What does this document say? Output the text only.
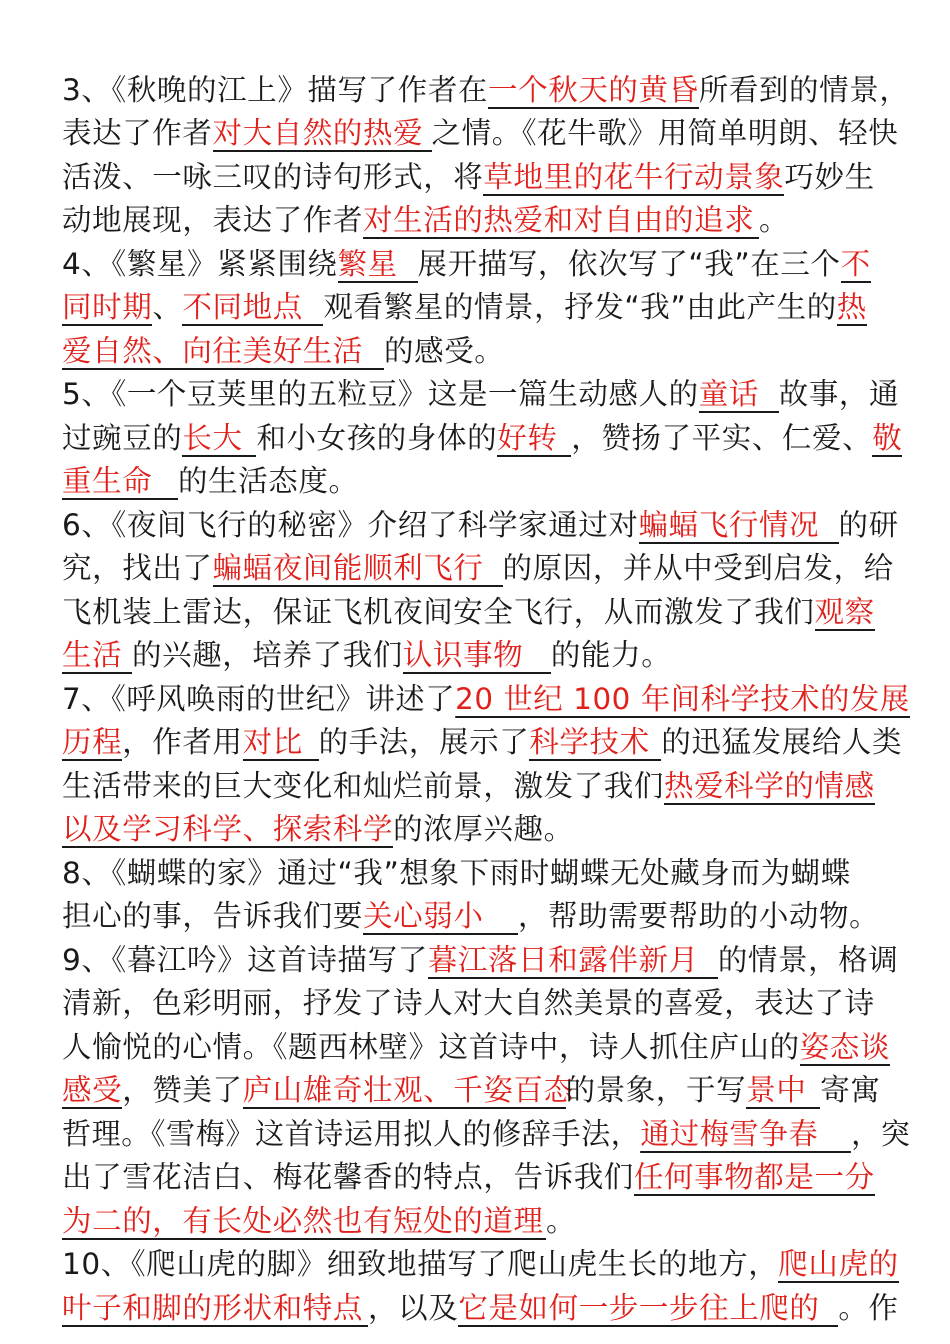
3、《秋晚的江上》描写了作者在一个秋天的黄昏所看到的情景，
表达了作者对大自然的热爱 之情。《花牛歌》用简单明朗、轻快
活泼、一咏三叹的诗句形式，将草地里的花牛行动景象巧妙生
动地展现，表达了作者对生活的热爱和对自由的追求 。
4、《繁星》紧紧围绕繁星 展开描写，依次写了“我”在三个不
同时期、不同地点 观看繁星的情景，抒发“我”由此产生的热
爱自然、向往美好生活 的感受。
5、《一个豆荚里的五粒豆》这是一篇生动感人的童话 故事，通
过豌豆的长大 和小女孩的身体的好转 ，赞扬了平实、仁爱、敬
重生命 的生活态度。
6、《夜间飞行的秘密》介绍了科学家通过对蝙蝠飞行情况 的研
究，找出了蝙蝠夜间能顺利飞行 的原因，并从中受到启发，给
飞机装上雷达，保证飞机夜间安全飞行，从而激发了我们观察
生活 的兴趣，培养了我们认识事物 的能力。
7、《呼风唤雨的世纪》讲述了20 世纪 100 年间科学技术的发展
历程，作者用对比 的手法，展示了科学技术 的迅猛发展给人类
生活带来的巨大变化和灿烂前景，激发了我们热爱科学的情感
以及学习科学、探索科学的浓厚兴趣。
8、《蝴蝶的家》通过“我”想象下雨时蝴蝶无处藏身而为蝴蝶
担心的事，告诉我们要关心弱小 ，帮助需要帮助的小动物。
9、《暮江吟》这首诗描写了暮江落日和露伴新月 的情景，格调
清新，色彩明丽，抒发了诗人对大自然美景的喜爱，表达了诗
人愉悦的心情。《题西林壁》这首诗中，诗人抓住庐山的姿态谈
感受，赞美了庐山雄奇壮观、千姿百态的景象，于写景中 寄寓
哲理。《雪梅》这首诗运用拟人的修辞手法，通过梅雪争春 ，突
出了雪花洁白、梅花馨香的特点，告诉我们任何事物都是一分
为二的，有长处必然也有短处的道理。
10、《爬山虎的脚》细致地描写了爬山虎生长的地方，爬山虎的
叶子和脚的形状和特点 ，以及它是如何一步一步往上爬的 。作
